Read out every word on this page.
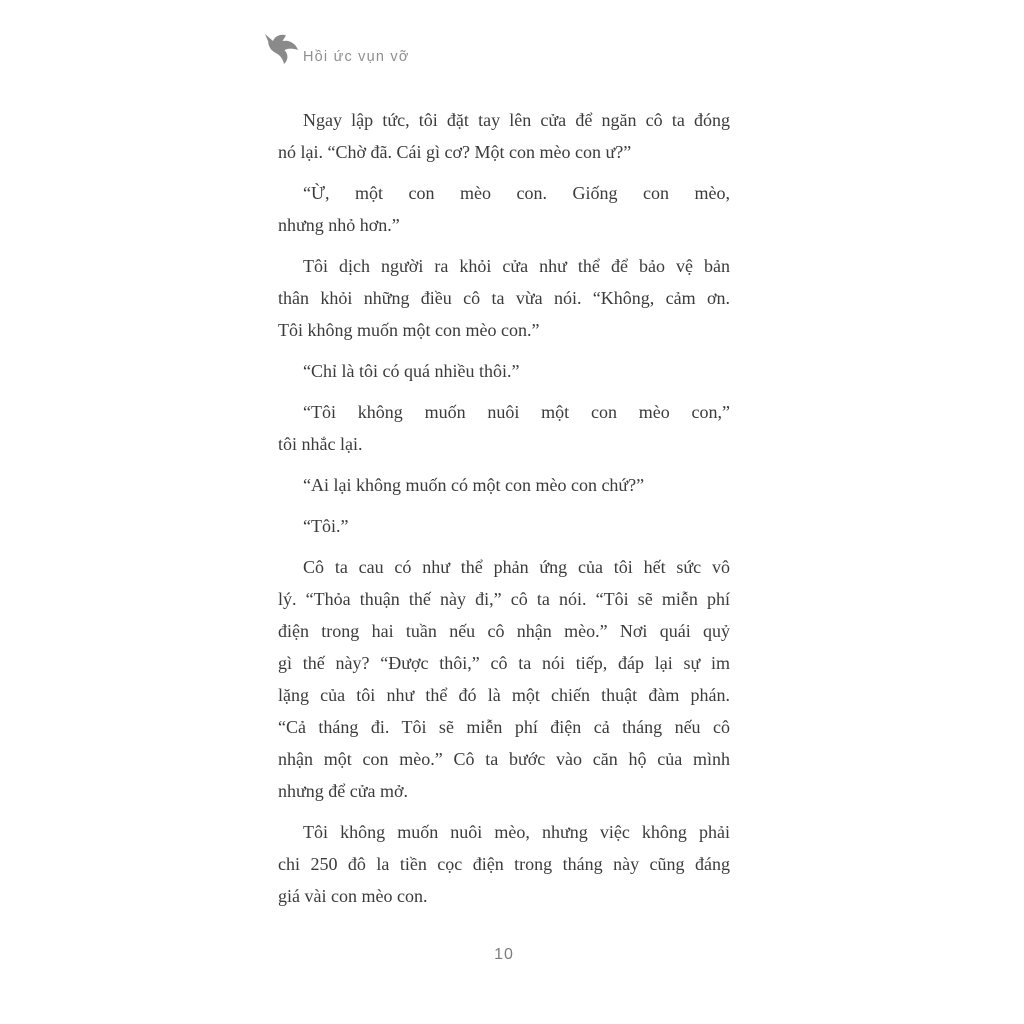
Hồi ức vụn vỡ
Ngay lập tức, tôi đặt tay lên cửa để ngăn cô ta đóng
nó lại. “Chờ đã. Cái gì cơ? Một con mèo con ư?”
“Ừ, một con mèo con. Giống con mèo,
nhưng nhỏ hơn.”
Tôi dịch người ra khỏi cửa như thể để bảo vệ bản
thân khỏi những điều cô ta vừa nói. “Không, cảm ơn.
Tôi không muốn một con mèo con.”
“Chỉ là tôi có quá nhiều thôi.”
“Tôi không muốn nuôi một con mèo con,”
tôi nhắc lại.
“Ai lại không muốn có một con mèo con chứ?”
“Tôi.”
Cô ta cau có như thể phản ứng của tôi hết sức vô
lý. “Thỏa thuận thế này đi,” cô ta nói. “Tôi sẽ miễn phí
điện trong hai tuần nếu cô nhận mèo.” Nơi quái quỷ
gì thế này? “Được thôi,” cô ta nói tiếp, đáp lại sự im
lặng của tôi như thể đó là một chiến thuật đàm phán.
“Cả tháng đi. Tôi sẽ miễn phí điện cả tháng nếu cô
nhận một con mèo.” Cô ta bước vào căn hộ của mình
nhưng để cửa mở.
Tôi không muốn nuôi mèo, nhưng việc không phải
chi 250 đô la tiền cọc điện trong tháng này cũng đáng
giá vài con mèo con.
10
